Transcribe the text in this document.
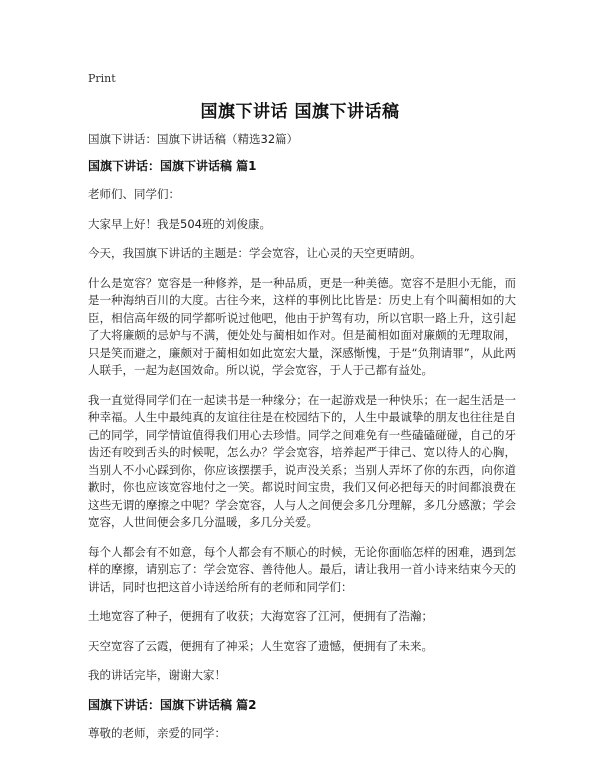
Print
国旗下讲话 国旗下讲话稿

国旗下讲话：国旗下讲话稿（精选32篇）

国旗下讲话：国旗下讲话稿 篇1

老师们、同学们：

大家早上好！我是504班的刘俊康。

今天，我国旗下讲话的主题是：学会宽容，让心灵的天空更晴朗。

什么是宽容？宽容是一种修养，是一种品质，更是一种美德。宽容不是胆小无能，而是一种海纳百川的大度。古往今来，这样的事例比比皆是：历史上有个叫蔺相如的大臣，相信高年级的同学都听说过他吧，他由于护驾有功，所以官职一路上升，这引起了大将廉颇的忌妒与不满，便处处与蔺相如作对。但是蔺相如面对廉颇的无理取闹，只是笑而避之，廉颇对于蔺相如如此宽宏大量，深感惭愧，于是“负荆请罪”，从此两人联手，一起为赵国效命。所以说，学会宽容，于人于己都有益处。

我一直觉得同学们在一起读书是一种缘分；在一起游戏是一种快乐；在一起生活是一种幸福。人生中最纯真的友谊往往是在校园结下的，人生中最诚挚的朋友也往往是自己的同学，同学情谊值得我们用心去珍惜。同学之间难免有一些磕磕碰碰，自己的牙齿还有咬到舌头的时候呢，怎么办？学会宽容，培养起严于律己、宽以待人的心胸，当别人不小心踩到你，你应该摆摆手，说声没关系；当别人弄坏了你的东西，向你道歉时，你也应该宽容地付之一笑。都说时间宝贵，我们又何必把每天的时间都浪费在这些无谓的摩擦之中呢？学会宽容，人与人之间便会多几分理解，多几分感激；学会宽容，人世间便会多几分温暖，多几分关爱。

每个人都会有不如意，每个人都会有不顺心的时候，无论你面临怎样的困难，遇到怎样的摩擦，请别忘了：学会宽容、善待他人。最后，请让我用一首小诗来结束今天的讲话，同时也把这首小诗送给所有的老师和同学们：

土地宽容了种子，便拥有了收获；大海宽容了江河，便拥有了浩瀚；

天空宽容了云霞，便拥有了神采；人生宽容了遗憾，便拥有了未来。

我的讲话完毕，谢谢大家！

国旗下讲话：国旗下讲话稿 篇2

尊敬的老师，亲爱的同学：
